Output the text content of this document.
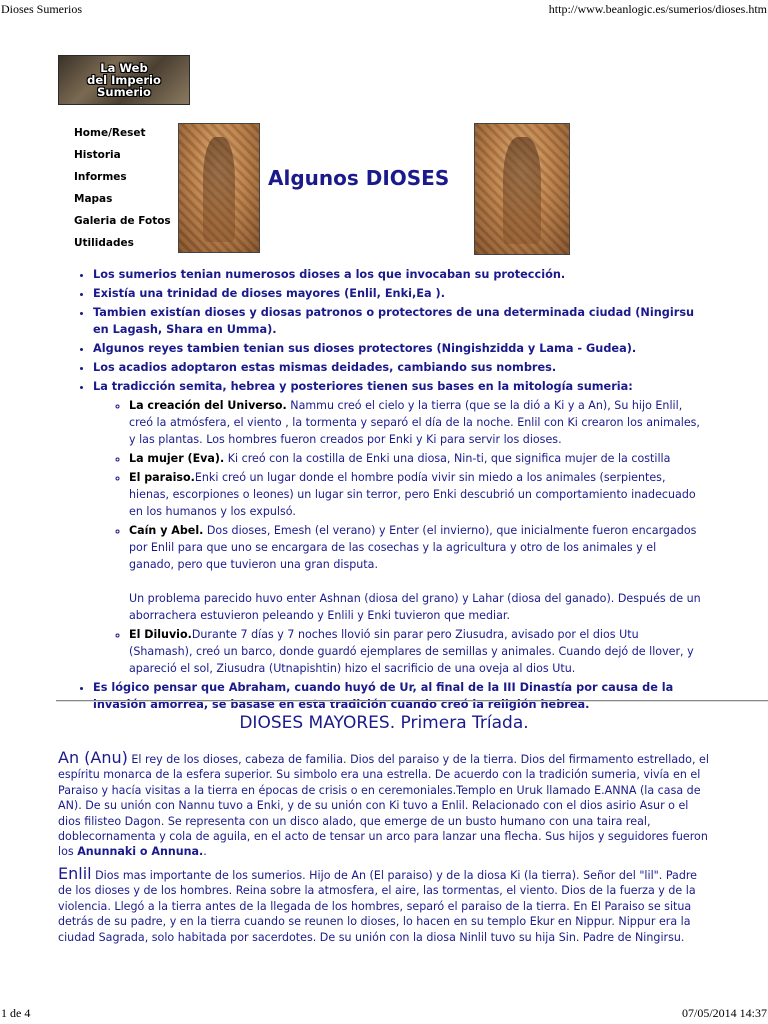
Dioses Sumerios	http://www.beanlogic.es/sumerios/dioses.htm
La Web
del Imperio
Sumerio
Home/Reset
Historia
Informes
Mapas
Galeria de Fotos
Utilidades
Algunos DIOSES
• Los sumerios tenian numerosos dioses a los que invocaban su protección.
• Existía una trinidad de dioses mayores (Enlil, Enki,Ea ).
• Tambien existían dioses y diosas patronos o protectores de una determinada ciudad (Ningirsu en Lagash, Shara en Umma).
• Algunos reyes tambien tenian sus dioses protectores (Ningishzidda y Lama - Gudea).
• Los acadios adoptaron estas mismas deidades, cambiando sus nombres.
• La tradicción semita, hebrea y posteriores tienen sus bases en la mitología sumeria:
◦ La creación del Universo. Nammu creó el cielo y la tierra (que se la dió a Ki y a An), Su hijo Enlil, creó la atmósfera, el viento , la tormenta y separó el día de la noche. Enlil con Ki crearon los animales, y las plantas. Los hombres fueron creados por Enki y Ki para servir los dioses.
◦ La mujer (Eva). Ki creó con la costilla de Enki una diosa, Nin-ti, que significa mujer de la costilla
◦ El paraiso.Enki creó un lugar donde el hombre podía vivir sin miedo a los animales (serpientes, hienas, escorpiones o leones) un lugar sin terror, pero Enki descubrió un comportamiento inadecuado en los humanos y los expulsó.
◦ Caín y Abel. Dos dioses, Emesh (el verano) y Enter (el invierno), que inicialmente fueron encargados por Enlil para que uno se encargara de las cosechas y la agricultura y otro de los animales y el ganado, pero que tuvieron una gran disputa.
Un problema parecido huvo enter Ashnan (diosa del grano) y Lahar (diosa del ganado). Después de un aborrachera estuvieron peleando y Enlili y Enki tuvieron que mediar.
◦ El Diluvio.Durante 7 días y 7 noches llovió sin parar pero Ziusudra, avisado por el dios Utu (Shamash), creó un barco, donde guardó ejemplares de semillas y animales. Cuando dejó de llover, y apareció el sol, Ziusudra (Utnapishtin) hizo el sacrificio de una oveja al dios Utu.
• Es lógico pensar que Abraham, cuando huyó de Ur, al final de la III Dinastía por causa de la invasión amorrea, se basase en esta tradición cuando creó la religión hebrea.
DIOSES MAYORES. Primera Tríada.

An (Anu) El rey de los dioses, cabeza de familia. Dios del paraiso y de la tierra. Dios del firmamento estrellado, el espíritu monarca de la esfera superior. Su simbolo era una estrella. De acuerdo con la tradición sumeria, vivía en el Paraiso y hacía visitas a la tierra en épocas de crisis o en ceremoniales.Templo en Uruk llamado E.ANNA (la casa de AN). De su unión con Nannu tuvo a Enki, y de su unión con Ki tuvo a Enlil. Relacionado con el dios asirio Asur o el dios filisteo Dagon. Se representa con un disco alado, que emerge de un busto humano con una taira real, doblecornamenta y cola de aguila, en el acto de tensar un arco para lanzar una flecha. Sus hijos y seguidores fueron los Anunnaki o Annuna..

Enlil Dios mas importante de los sumerios. Hijo de An (El paraiso) y de la diosa Ki (la tierra). Señor del "lil". Padre de los dioses y de los hombres. Reina sobre la atmosfera, el aire, las tormentas, el viento. Dios de la fuerza y de la violencia. Llegó a la tierra antes de la llegada de los hombres, separó el paraiso de la tierra. En El Paraiso se situa detrás de su padre, y en la tierra cuando se reunen lo dioses, lo hacen en su templo Ekur en Nippur. Nippur era la ciudad Sagrada, solo habitada por sacerdotes. De su unión con la diosa Ninlil tuvo su hija Sin. Padre de Ningirsu.

1 de 4	07/05/2014 14:37
